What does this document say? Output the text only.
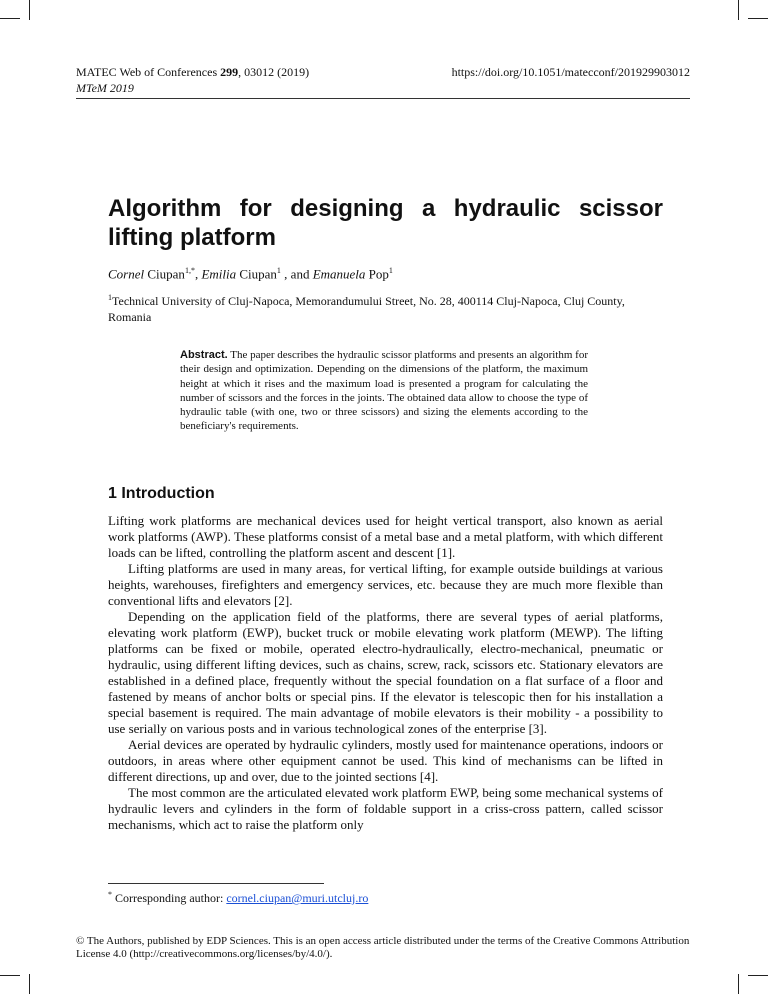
MATEC Web of Conferences 299, 03012 (2019)
MTeM 2019
https://doi.org/10.1051/matecconf/201929903012
Algorithm for designing a hydraulic scissor lifting platform
Cornel Ciupan$^{1,*}$, Emilia Ciupan$^1$ , and Emanuela Pop$^1$
$^1$Technical University of Cluj-Napoca, Memorandumului Street, No. 28, 400114 Cluj-Napoca, Cluj County, Romania
Abstract. The paper describes the hydraulic scissor platforms and presents an algorithm for their design and optimization. Depending on the dimensions of the platform, the maximum height at which it rises and the maximum load is presented a program for calculating the number of scissors and the forces in the joints. The obtained data allow to choose the type of hydraulic table (with one, two or three scissors) and sizing the elements according to the beneficiary's requirements.
1 Introduction

Lifting work platforms are mechanical devices used for height vertical transport, also known as aerial work platforms (AWP). These platforms consist of a metal base and a metal platform, with which different loads can be lifted, controlling the platform ascent and descent [1].

Lifting platforms are used in many areas, for vertical lifting, for example outside buildings at various heights, warehouses, firefighters and emergency services, etc. because they are much more flexible than conventional lifts and elevators [2].

Depending on the application field of the platforms, there are several types of aerial platforms, elevating work platform (EWP), bucket truck or mobile elevating work platform (MEWP). The lifting platforms can be fixed or mobile, operated electro-hydraulically, electro-mechanical, pneumatic or hydraulic, using different lifting devices, such as chains, screw, rack, scissors etc. Stationary elevators are established in a defined place, frequently without the special foundation on a flat surface of a floor and fastened by means of anchor bolts or special pins. If the elevator is telescopic then for his installation a special basement is required. The main advantage of mobile elevators is their mobility - a possibility to use serially on various posts and in various technological zones of the enterprise [3].

Aerial devices are operated by hydraulic cylinders, mostly used for maintenance operations, indoors or outdoors, in areas where other equipment cannot be used. This kind of mechanisms can be lifted in different directions, up and over, due to the jointed sections [4].

The most common are the articulated elevated work platform EWP, being some mechanical systems of hydraulic levers and cylinders in the form of foldable support in a criss-cross pattern, called scissor mechanisms, which act to raise the platform only

* Corresponding author: cornel.ciupan@muri.utcluj.ro
© The Authors, published by EDP Sciences. This is an open access article distributed under the terms of the Creative Commons Attribution License 4.0 (http://creativecommons.org/licenses/by/4.0/).
